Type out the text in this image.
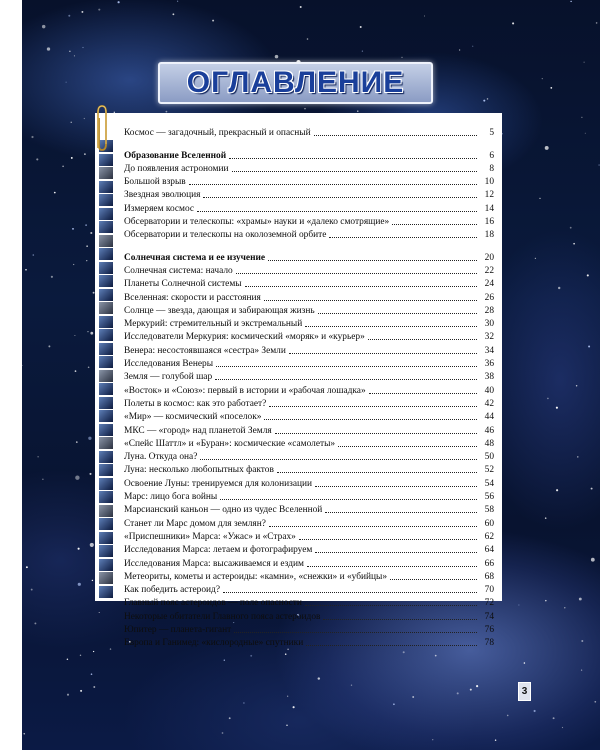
ОГЛАВЛЕНИЕ
Космос — загадочный, прекрасный и опасный	5
Образование Вселенной	6
До появления астрономии	8
Большой взрыв	10
Звездная эволюция	12
Измеряем космос	14
Обсерватории и телескопы: «храмы» науки и «далеко смотрящие»	16
Обсерватории и телескопы на околоземной орбите	18
Солнечная система и ее изучение	20
Солнечная система: начало	22
Планеты Солнечной системы	24
Вселенная: скорости и расстояния	26
Солнце — звезда, дающая и забирающая жизнь	28
Меркурий: стремительный и экстремальный	30
Исследователи Меркурия: космический «моряк» и «курьер»	32
Венера: несостоявшаяся «сестра» Земли	34
Исследования Венеры	36
Земля — голубой шар	38
«Восток» и «Союз»: первый в истории и «рабочая лошадка»	40
Полеты в космос: как это работает?	42
«Мир» — космический «поселок»	44
МКС — «город» над планетой Земля	46
«Спейс Шаттл» и «Буран»: космические «самолеты»	48
Луна. Откуда она?	50
Луна: несколько любопытных фактов	52
Освоение Луны: тренируемся для колонизации	54
Марс: лицо бога войны	56
Марсианский каньон — одно из чудес Вселенной	58
Станет ли Марс домом для землян?	60
«Приспешники» Марса: «Ужас» и «Страх»	62
Исследования Марса: летаем и фотографируем	64
Исследования Марса: высаживаемся и ездим	66
Метеориты, кометы и астероиды: «камни», «снежки» и «убийцы»	68
Как победить астероид?	70
Главный пояс астероидов — поле опасности	72
Некоторые обитатели Главного пояса астероидов	74
Юпитер — планета-гигант	76
Европа и Ганимед: «кислородные» спутники	78
3
